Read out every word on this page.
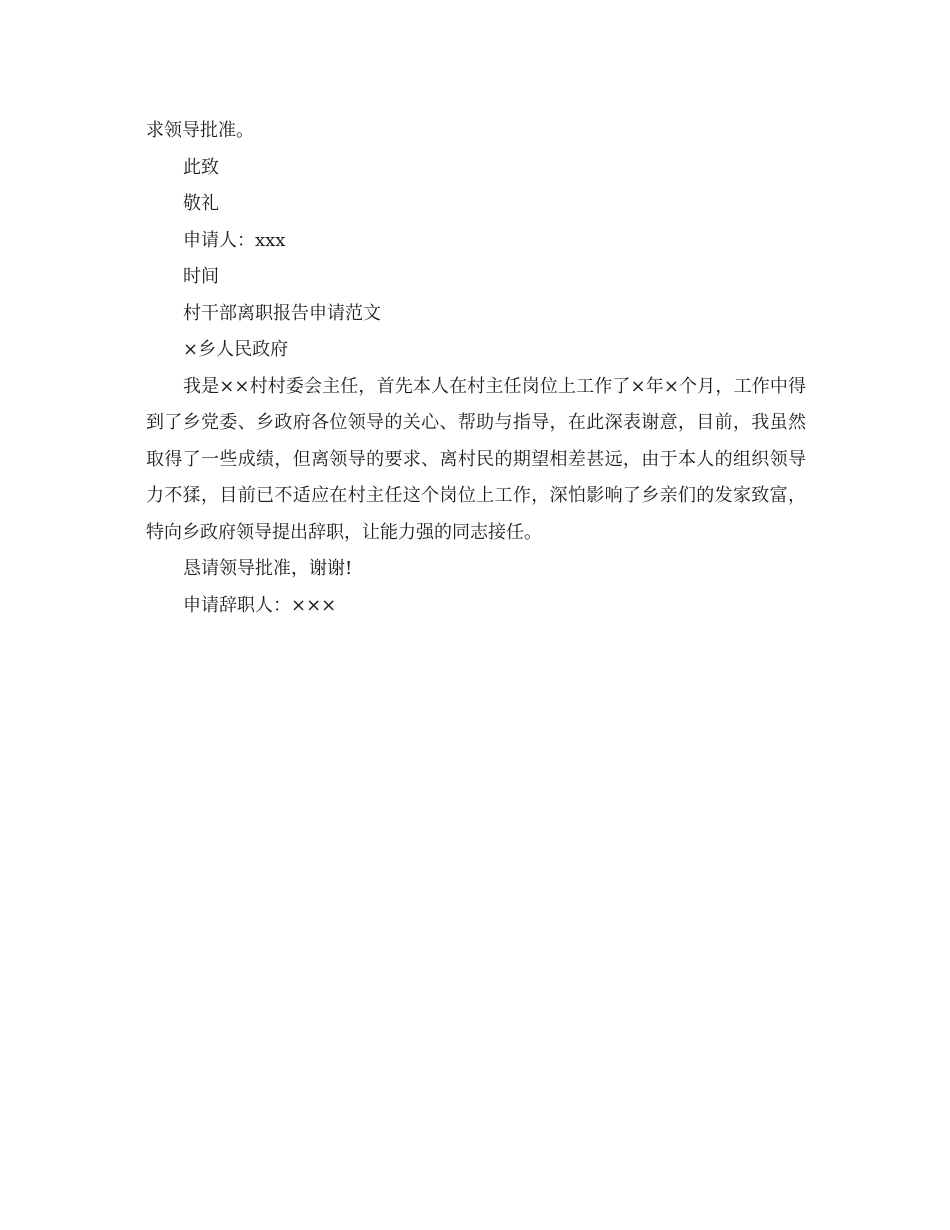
求领导批准。

此致

敬礼

申请人：xxx

时间

村干部离职报告申请范文

×乡人民政府

我是××村村委会主任，首先本人在村主任岗位上工作了×年×个月，工作中得到了乡党委、乡政府各位领导的关心、帮助与指导，在此深表谢意，目前，我虽然取得了一些成绩，但离领导的要求、离村民的期望相差甚远，由于本人的组织领导力不猱，目前已不适应在村主任这个岗位上工作，深怕影响了乡亲们的发家致富，特向乡政府领导提出辞职，让能力强的同志接任。

恳请领导批准，谢谢!

申请辞职人：×××
